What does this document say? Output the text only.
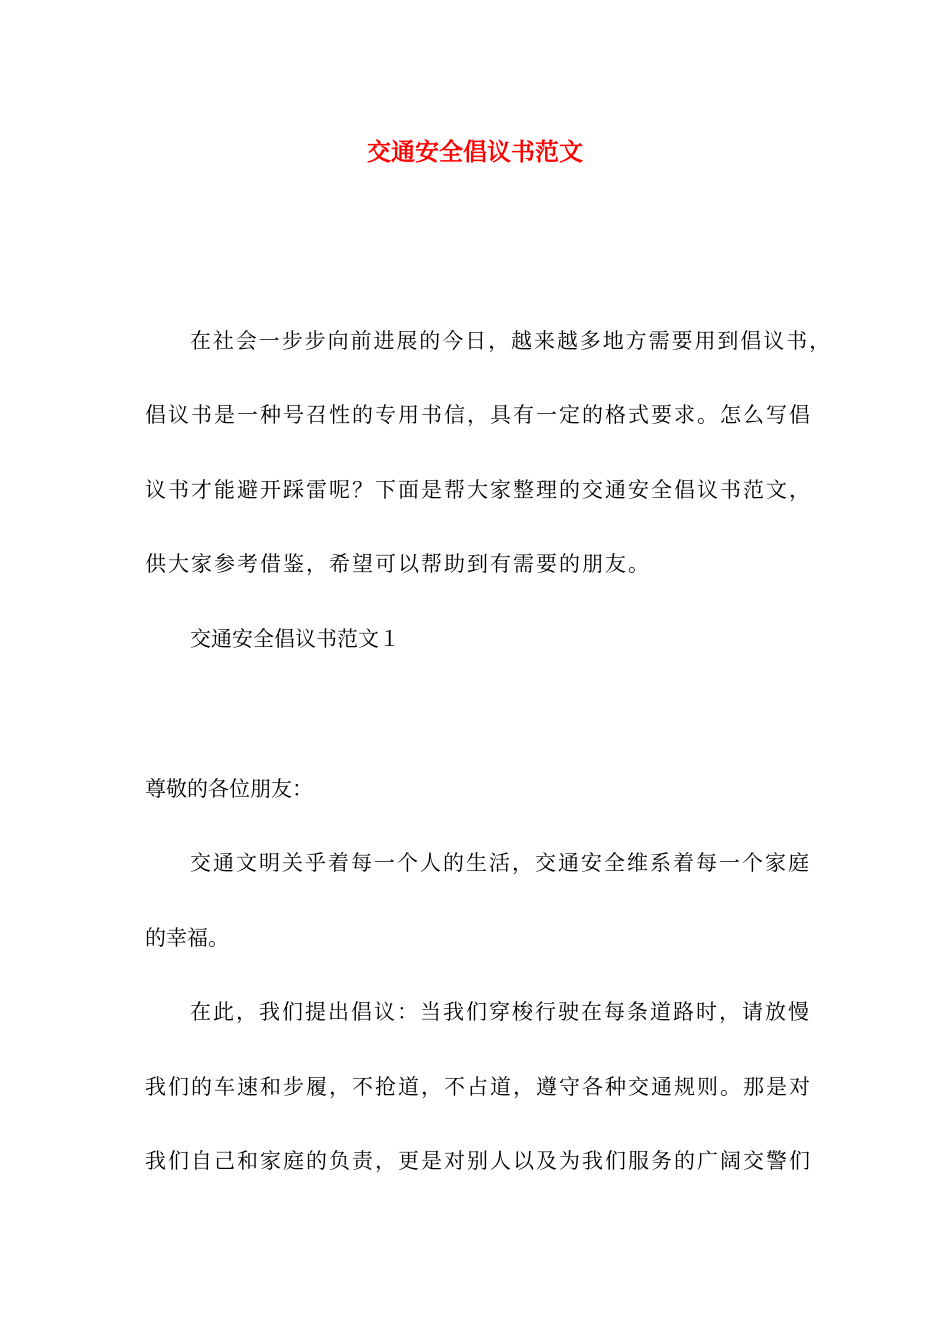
交通安全倡议书范文
在社会一步步向前进展的今日，越来越多地方需要用到倡议书，
倡议书是一种号召性的专用书信，具有一定的格式要求。怎么写倡
议书才能避开踩雷呢？下面是帮大家整理的交通安全倡议书范文，
供大家参考借鉴，希望可以帮助到有需要的朋友。
交通安全倡议书范文１
尊敬的各位朋友：
交通文明关乎着每一个人的生活，交通安全维系着每一个家庭
的幸福。
在此，我们提出倡议：当我们穿梭行驶在每条道路时，请放慢
我们的车速和步履，不抢道，不占道，遵守各种交通规则。那是对
我们自己和家庭的负责，更是对别人以及为我们服务的广阔交警们
